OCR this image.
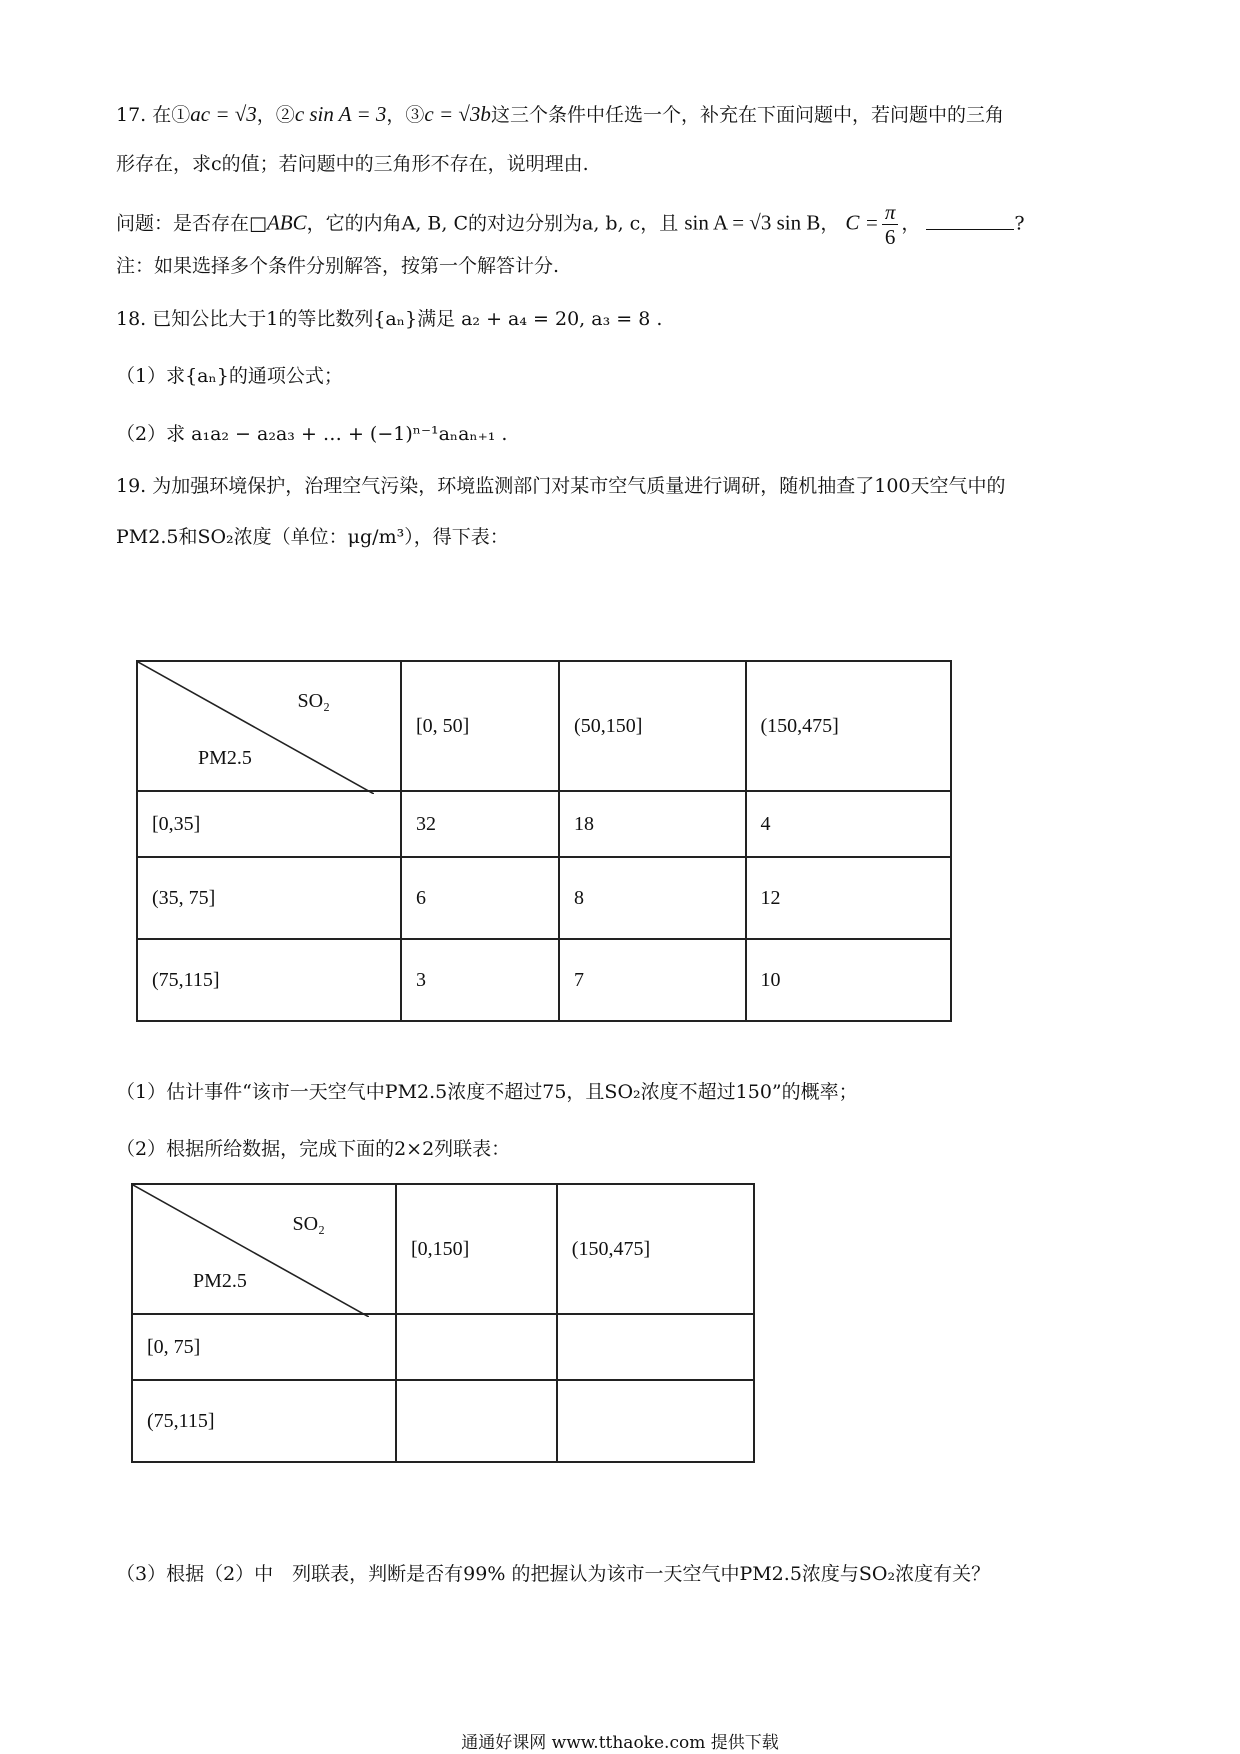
17. 在①ac = √3，②c sin A = 3，③c = √3b这三个条件中任选一个，补充在下面问题中，若问题中的三角
形存在，求c的值；若问题中的三角形不存在，说明理由.
问题：是否存在□ABC，它的内角A, B, C的对边分别为a, b, c，且 sin A = √3 sin B， $C = \frac{\pi}{6}$ ，	?
注：如果选择多个条件分别解答，按第一个解答计分.
18. 已知公比大于1的等比数列{aₙ}满足 a₂ + a₄ = 20, a₃ = 8 .
（1）求{aₙ}的通项公式；
（2）求 a₁a₂ − a₂a₃ + … + (−1)ⁿ⁻¹aₙaₙ₊₁ .
19. 为加强环境保护，治理空气污染，环境监测部门对某市空气质量进行调研，随机抽查了100天空气中的
PM2.5和SO₂浓度（单位：μg/m³），得下表：
SO₂
PM2.5	[0, 50]	(50,150]	(150,475]
[0,35]	32	18	4
(35, 75]	6	8	12
(75,115]	3	7	10
（1）估计事件“该市一天空气中PM2.5浓度不超过75，且SO₂浓度不超过150”的概率；
（2）根据所给数据，完成下面的2×2列联表：
SO₂
PM2.5	[0,150]	(150,475]
[0, 75]		
(75,115]		
（3）根据（2）中　列联表，判断是否有99% 的把握认为该市一天空气中PM2.5浓度与SO₂浓度有关？
通通好课网 www.tthaoke.com 提供下载
